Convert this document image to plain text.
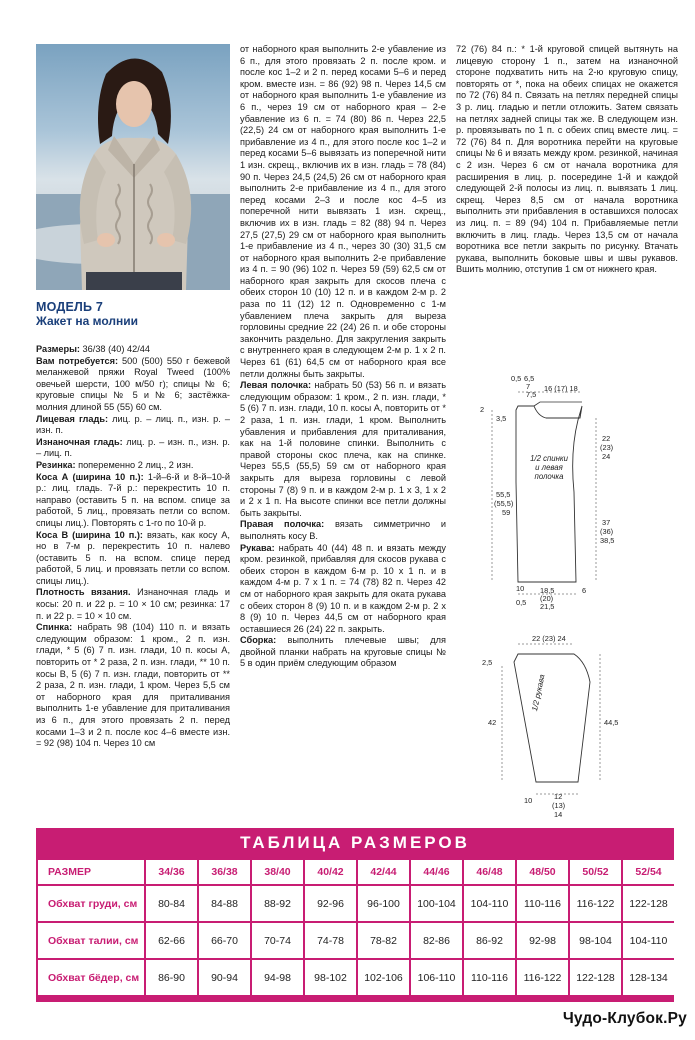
МОДЕЛЬ 7
Жакет на молнии

Размеры: 36/38 (40) 42/44

Вам потребуется: 500 (500) 550 г бежевой меланжевой пряжи Royal Tweed (100% овечьей шерсти, 100 м/50 г); спицы № 6; круговые спицы № 5 и № 6; застёжка-молния длиной 55 (55) 60 см.

Лицевая гладь: лиц. р. – лиц. п., изн. р. – изн. п.

Изнаночная гладь: лиц. р. – изн. п., изн. р. – лиц. п.

Резинка: попеременно 2 лиц., 2 изн.

Коса А (ширина 10 п.): 1-й–6-й и 8-й–10-й р.: лиц. гладь. 7-й р.: перекрестить 10 п. направо (оставить 5 п. на вспом. спице за работой, 5 лиц., провязать петли со вспом. спицы лиц.). Повторять с 1-го по 10-й р.

Коса В (ширина 10 п.): вязать, как косу А, но в 7-м р. перекрестить 10 п. налево (оставить 5 п. на вспом. спице перед работой, 5 лиц. и провязать петли со вспом. спицы лиц.).

Плотность вязания. Изнаночная гладь и косы: 20 п. и 22 р. = 10 × 10 см; резинка: 17 п. и 22 р. = 10 × 10 см.

Спинка: набрать 98 (104) 110 п. и вязать следующим образом: 1 кром., 2 п. изн. глади, * 5 (6) 7 п. изн. глади, 10 п. косы А, повторить от * 2 раза, 2 п. изн. глади, ** 10 п. косы В, 5 (6) 7 п. изн. глади, повторить от ** 2 раза, 2 п. изн. глади, 1 кром. Через 5,5 см от наборного края для приталивания выполнить 1-е убавление для приталивания из 6 п., для этого провязать 2 п. перед косами 1–3 и 2 п. после кос 4–6 вместе изн. = 92 (98) 104 п. Через 10 см

от наборного края выполнить 2-е убавление из 6 п., для этого провязать 2 п. после кром. и после кос 1–2 и 2 п. перед косами 5–6 и перед кром. вместе изн. = 86 (92) 98 п. Через 14,5 см от наборного края выполнить 1-е убавление из 6 п., через 19 см от наборного края – 2-е убавление из 6 п. = 74 (80) 86 п. Через 22,5 (22,5) 24 см от наборного края выполнить 1-е прибавление из 4 п., для этого после кос 1–2 и перед косами 5–6 вывязать из поперечной нити 1 изн. скрещ., включив их в изн. гладь = 78 (84) 90 п. Через 24,5 (24,5) 26 см от наборного края выполнить 2-е прибавление из 4 п., для этого перед косами 2–3 и после кос 4–5 из поперечной нити вывязать 1 изн. скрещ., включив их в изн. гладь = 82 (88) 94 п. Через 27,5 (27,5) 29 см от наборного края выполнить 1-е прибавление из 4 п., через 30 (30) 31,5 см от наборного края выполнить 2-е прибавление из 4 п. = 90 (96) 102 п. Через 59 (59) 62,5 см от наборного края закрыть для скосов плеча с обеих сторон 10 (10) 12 п. и в каждом 2-м р. 2 раза по 11 (12) 12 п. Одновременно с 1-м убавлением плеча закрыть для выреза горловины средние 22 (24) 26 п. и обе стороны закончить раздельно. Для закругления закрыть с внутреннего края в следующем 2-м р. 1 х 2 п. Через 61 (61) 64,5 см от наборного края все петли должны быть закрыты.

Левая полочка: набрать 50 (53) 56 п. и вязать следующим образом: 1 кром., 2 п. изн. глади, * 5 (6) 7 п. изн. глади, 10 п. косы А, повторить от * 2 раза, 1 п. изн. глади, 1 кром. Выполнить убавления и прибавления для приталивания, как на 1-й половине спинки. Выполнить с правой стороны скос плеча, как на спинке. Через 55,5 (55,5) 59 см от наборного края закрыть для выреза горловины с левой стороны 7 (8) 9 п. и в каждом 2-м р. 1 х 3, 1 х 2 и 2 х 1 п. На высоте спинки все петли должны быть закрыты.

Правая полочка: вязать симметрично и выполнять косу В.

Рукава: набрать 40 (44) 48 п. и вязать между кром. резинкой, прибавляя для скосов рукава с обеих сторон в каждом 6-м р. 10 х 1 п. и в каждом 4-м р. 7 х 1 п. = 74 (78) 82 п. Через 42 см от наборного края закрыть для оката рукава с обеих сторон 8 (9) 10 п. и в каждом 2-м р. 2 х 8 (9) 10 п. Через 44,5 см от наборного края оставшиеся 26 (24) 22 п. закрыть.

Сборка: выполнить плечевые швы; для двойной планки набрать на круговые спицы № 5 в один приём следующим образом

72 (76) 84 п.: * 1-й круговой спицей вытянуть на лицевую сторону 1 п., затем на изнаночной стороне подхватить нить на 2-ю круговую спицу, повторять от *, пока на обеих спицах не окажется по 72 (76) 84 п. Связать на петлях передней спицы 3 р. лиц. гладью и петли отложить. Затем связать на петлях задней спицы так же. В следующем изн. р. провязывать по 1 п. с обеих спиц вместе лиц. = 72 (76) 84 п. Для воротника перейти на круговые спицы № 6 и вязать между кром. резинкой, начиная с 2 изн. Через 6 см от начала воротника для расширения в лиц. р. посередине 1-й и каждой следующей 2-й полосы из лиц. п. вывязать 1 лиц. скрещ. Через 8,5 см от начала воротника выполнить эти прибавления в оставшихся полосах из лиц. п. = 89 (94) 104 п. Прибавляемые петли включить в лиц. гладь. Через 13,5 см от начала воротника все петли закрыть по рисунку. Втачать рукава, выполнить боковые швы и швы рукавов. Вшить молнию, отступив 1 см от нижнего края.

0,5 6,5
7
7,5
16 (17) 18
2
3,5
55,5
(55,5)
59
22
(23)
24
37
(36)
38,5
10
0,5
18,5
(20)
21,5
6
1/2 спинки
и левая
полочка
22 (23) 24
2,5
42	44,5
10	12
(13)
14
1/2 рукава
ТАБЛИЦА РАЗМЕРОВ
РАЗМЕР	34/36	36/38	38/40	40/42	42/44	44/46	46/48	48/50	50/52	52/54
Обхват груди, см	80-84	84-88	88-92	92-96	96-100	100-104	104-110	110-116	116-122	122-128
Обхват талии, см	62-66	66-70	70-74	74-78	78-82	82-86	86-92	92-98	98-104	104-110
Обхват бёдер, см	86-90	90-94	94-98	98-102	102-106	106-110	110-116	116-122	122-128	128-134
Чудо-Клубок.Ру
